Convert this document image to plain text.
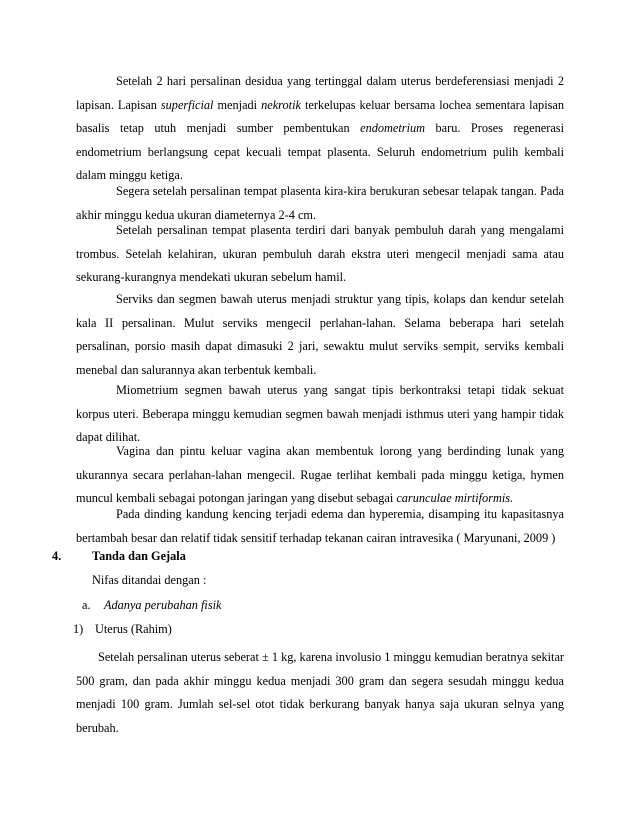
Setelah 2 hari persalinan desidua yang tertinggal dalam uterus berdeferensiasi menjadi 2 lapisan. Lapisan superficial menjadi nekrotik terkelupas keluar bersama lochea sementara lapisan basalis tetap utuh menjadi sumber pembentukan endometrium baru. Proses regenerasi endometrium berlangsung cepat kecuali tempat plasenta. Seluruh endometrium pulih kembali dalam minggu ketiga.

Segera setelah persalinan tempat plasenta kira-kira berukuran sebesar telapak tangan. Pada akhir minggu kedua ukuran diameternya 2-4 cm.

Setelah persalinan tempat plasenta terdiri dari banyak pembuluh darah yang mengalami trombus. Setelah kelahiran, ukuran pembuluh darah ekstra uteri mengecil menjadi sama atau sekurang-kurangnya mendekati ukuran sebelum hamil.

Serviks dan segmen bawah uterus menjadi struktur yang tipis, kolaps dan kendur setelah kala II persalinan. Mulut serviks mengecil perlahan-lahan. Selama beberapa hari setelah persalinan, porsio masih dapat dimasuki 2 jari, sewaktu mulut serviks sempit, serviks kembali menebal dan salurannya akan terbentuk kembali.

Miometrium segmen bawah uterus yang sangat tipis berkontraksi tetapi tidak sekuat korpus uteri. Beberapa minggu kemudian segmen bawah menjadi isthmus uteri yang hampir tidak dapat dilihat.

Vagina dan pintu keluar vagina akan membentuk lorong yang berdinding lunak yang ukurannya secara perlahan-lahan mengecil. Rugae terlihat kembali pada minggu ketiga, hymen muncul kembali sebagai potongan jaringan yang disebut sebagai carunculae mirtiformis.

Pada dinding kandung kencing terjadi edema dan hyperemia, disamping itu kapasitasnya bertambah besar dan relatif tidak sensitif terhadap tekanan cairan intravesika ( Maryunani, 2009 )

4.	Tanda dan Gejala

Nifas ditandai dengan :

a. Adanya perubahan fisik

1) Uterus (Rahim)

Setelah persalinan uterus seberat ± 1 kg, karena involusio 1 minggu kemudian beratnya sekitar 500 gram, dan pada akhir minggu kedua menjadi 300 gram dan segera sesudah minggu kedua menjadi 100 gram. Jumlah sel-sel otot tidak berkurang banyak hanya saja ukuran selnya yang berubah.
